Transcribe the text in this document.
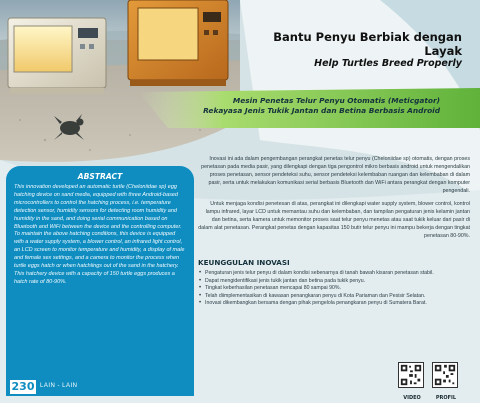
Bantu Penyu Berbiak dengan Layak
Help Turtles Breed Properly
Mesin Penetas Telur Penyu Otomatis (Meticgator)
Rekayasa Jenis Tukik Jantan dan Betina Berbasis Android

Inovasi ini ada dalam pengembangan perangkat penetas telur penyu (Cheloniidae sp) otomatis, dengan proses penetasan pada media pasir, yang dilengkapi dengan tiga pengontrol mikro berbasis android untuk mengendalikan proses penetasan, sensor pendeteksi suhu, sensor pendeteksi kelembaban ruangan dan kelembaban di dalam pasir, serta untuk melakukan komunikasi serial berbasis Bluetooth dan WiFi antara perangkat dengan komputer pengendali.

Untuk menjaga kondisi penetesan di atas, perangkat ini dilengkapi water supply system, blower control, kontrol lampu infrared, layar LCD untuk memantau suhu dan kelembaban, dan tampilan pengaturan jenis kelamin jantan dan betina, serta kamera untuk memonitor proses saat telur penyu menetas atau saat tukik keluar dari pasir di dalam alat penetasan. Perangkat penetas dengan kapasitas 150 butir telur penyu ini mampu bekerja dengan tingkat penetasan 80-90%.

KEUNGGULAN INOVASI
• Pengaturan jenis telur penyu di dalam kondisi sebenarnya di tanah bawah kisaran penetasan stabil.
• Dapat mengidentifikasi jenis tukik jantan dan betina pada tukik penyu.
• Tingkat keberhasilan penetasan mencapai 80 sampai 90%.
• Telah diimplementasikan di kawasan penangkaran penyu di Kota Pariaman dan Pesisir Selatan.
• Inovasi dikembangkan bersama dengan pihak pengelola penangkaran penyu di Sumatera Barat.
ABSTRACT
This innovation developed an automatic turtle (Cheloniidae sp) egg hatching device on sand media, equipped with three Android-based microcontrollers to control the hatching process, i.e. temperature detection sensor, humidity sensors for detecting room humidity and humidity in the sand, and doing serial communication based on Bluetooth and WiFi between the device and the controlling computer. To maintain the above hatching conditions, this device is equipped with a water supply system, a blower control, an infrared light control, an LCD screen to monitor temperature and humidity, a display of male and female sex settings, and a camera to monitor the process when turtle eggs hatch or when hatchlings out of the sand in the hatchery. This hatchery device with a capacity of 150 turtle eggs produces a hatch rate of 80-90%.
230 LAIN - LAIN
VIDEO	PROFIL
